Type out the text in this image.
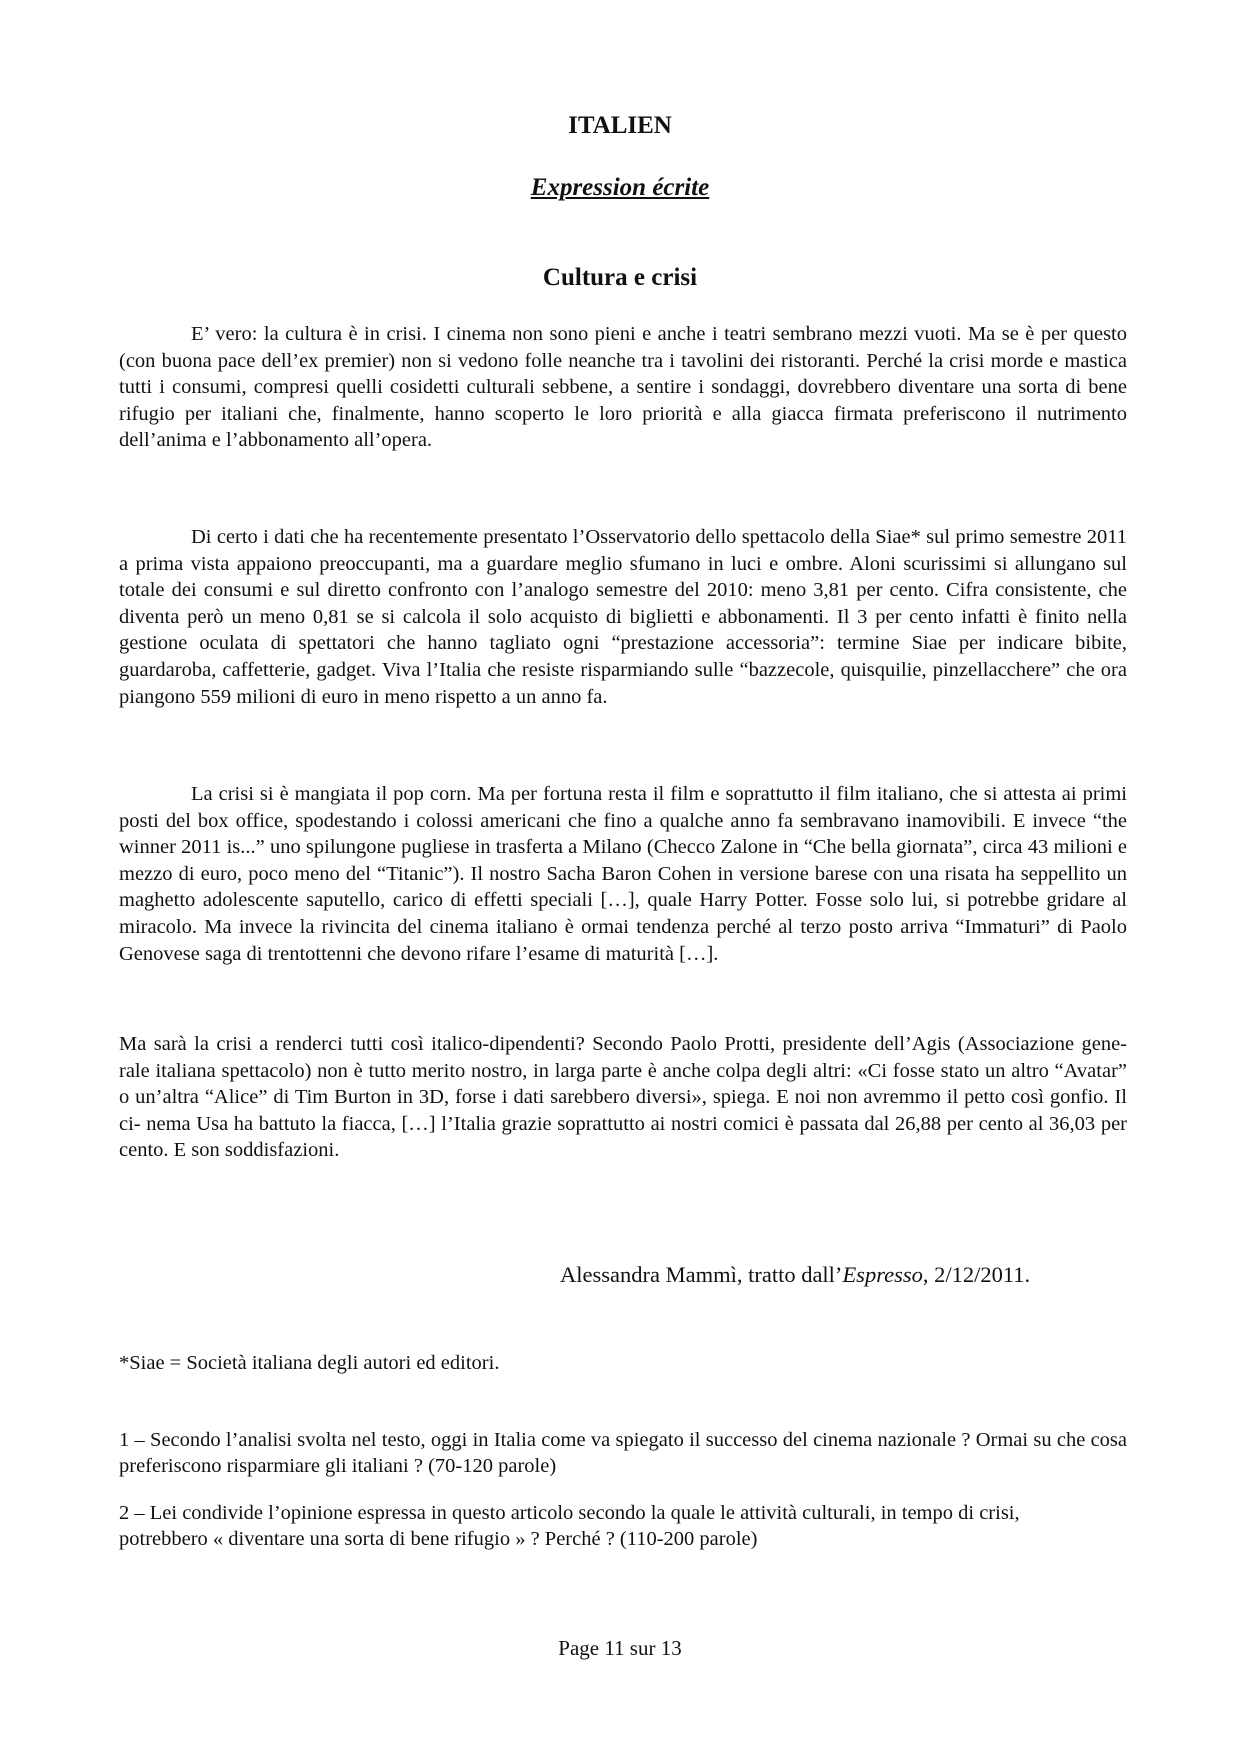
ITALIEN
Expression écrite
Cultura e crisi

E’ vero: la cultura è in crisi. I cinema non sono pieni e anche i teatri sembrano mezzi vuoti. Ma se è per questo (con buona pace dell’ex premier) non si vedono folle neanche tra i tavolini dei ristoranti. Perché la crisi morde e mastica tutti i consumi, compresi quelli cosidetti culturali sebbene, a sentire i sondaggi, dovrebbero diventare una sorta di bene rifugio per italiani che, finalmente, hanno scoperto le loro priorità e alla giacca firmata preferiscono il nutrimento dell’anima e l’abbonamento all’opera.

Di certo i dati che ha recentemente presentato l’Osservatorio dello spettacolo della Siae* sul primo semestre 2011 a prima vista appaiono preoccupanti, ma a guardare meglio sfumano in luci e ombre. Aloni scurissimi si allungano sul totale dei consumi e sul diretto confronto con l’analogo semestre del 2010: meno 3,81 per cento. Cifra consistente, che diventa però un meno 0,81 se si calcola il solo acquisto di biglietti e abbonamenti. Il 3 per cento infatti è finito nella gestione oculata di spettatori che hanno tagliato ogni “prestazione accessoria”: termine Siae per indicare bibite, guardaroba, caffetterie, gadget. Viva l’Italia che resiste risparmiando sulle “bazzecole, quisquilie, pinzellacchere” che ora piangono 559 milioni di euro in meno rispetto a un anno fa.

La crisi si è mangiata il pop corn. Ma per fortuna resta il film e soprattutto il film italiano, che si attesta ai primi posti del box office, spodestando i colossi americani che fino a qualche anno fa sembravano inamovibili. E invece “the winner 2011 is...” uno spilungone pugliese in trasferta a Milano (Checco Zalone in “Che bella giornata”, circa 43 milioni e mezzo di euro, poco meno del “Titanic”). Il nostro Sacha Baron Cohen in versione barese con una risata ha seppellito un maghetto adolescente saputello, carico di effetti speciali […], quale Harry Potter. Fosse solo lui, si potrebbe gridare al miracolo. Ma invece la rivincita del cinema italiano è ormai tendenza perché al terzo posto arriva “Immaturi” di Paolo Genovese saga di trentottenni che devono rifare l’esame di maturità […].

Ma sarà la crisi a renderci tutti così italico-dipendenti? Secondo Paolo Protti, presidente dell’Agis (Associazione gene- rale italiana spettacolo) non è tutto merito nostro, in larga parte è anche colpa degli altri: «Ci fosse stato un altro “Avatar” o un’altra “Alice” di Tim Burton in 3D, forse i dati sarebbero diversi», spiega. E noi non avremmo il petto così gonfio. Il ci- nema Usa ha battuto la fiacca, […] l’Italia grazie soprattutto ai nostri comici è passata dal 26,88 per cento al 36,03 per cento. E son soddisfazioni.

Alessandra Mammì, tratto dall’Espresso, 2/12/2011.

*Siae = Società italiana degli autori ed editori.

1 – Secondo l’analisi svolta nel testo, oggi in Italia come va spiegato il successo del cinema nazionale ? Ormai su che cosa preferiscono risparmiare gli italiani ? (70-120 parole)

2 – Lei condivide l’opinione espressa in questo articolo secondo la quale le attività culturali, in tempo di crisi, potrebbero « diventare una sorta di bene rifugio » ? Perché ? (110-200 parole)

Page 11 sur 13
